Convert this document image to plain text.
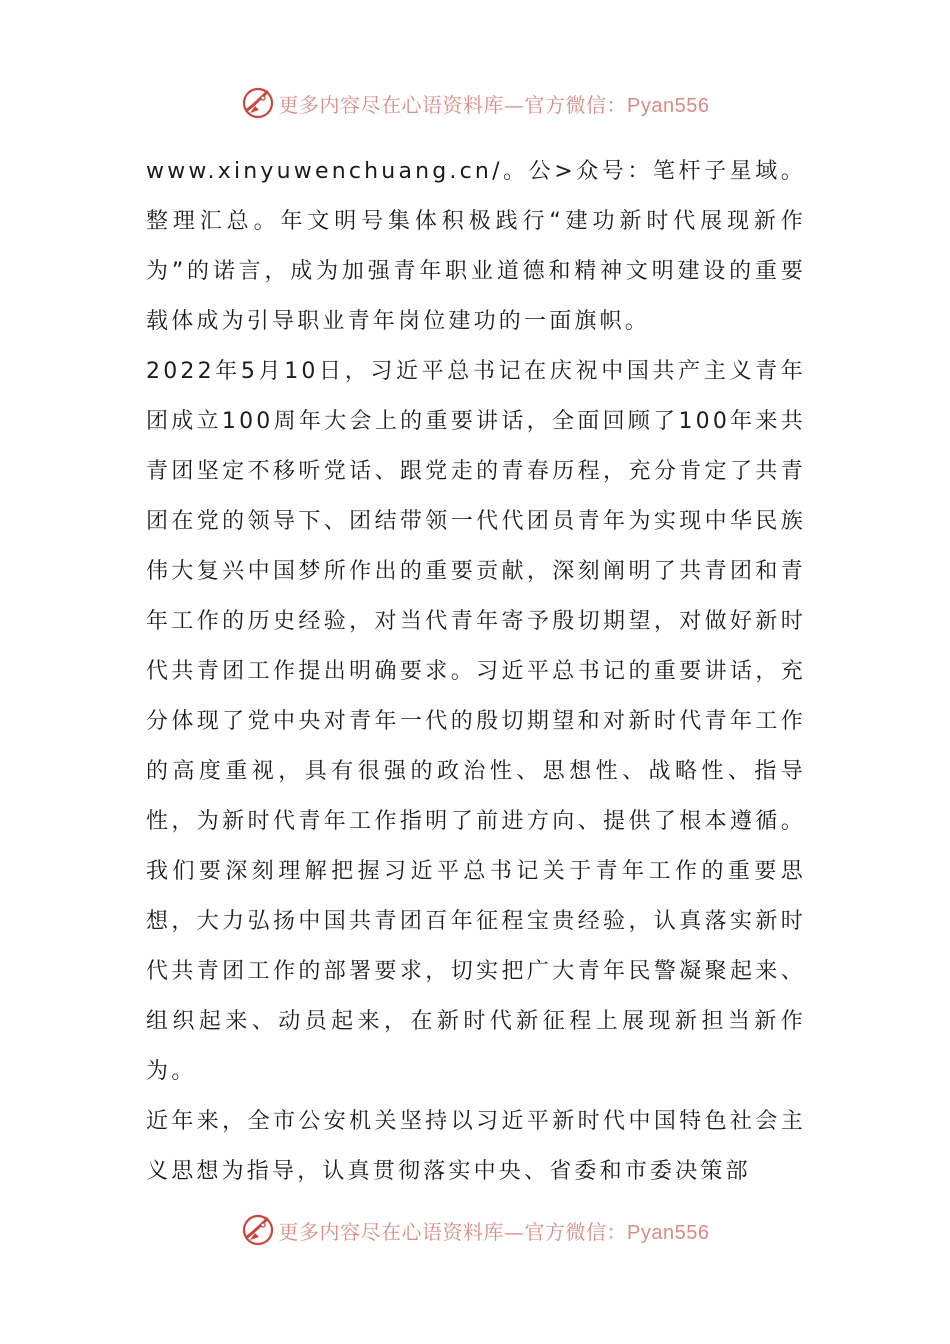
更多内容尽在心语资料库—官方微信：Pyan556

www.xinyuwenchuang.cn/。公>众号：笔杆子星域。整理汇总。年文明号集体积极践行“建功新时代展现新作为”的诺言，成为加强青年职业道德和精神文明建设的重要载体成为引导职业青年岗位建功的一面旗帜。

2022年5月10日，习近平总书记在庆祝中国共产主义青年团成立100周年大会上的重要讲话，全面回顾了100年来共青团坚定不移听党话、跟党走的青春历程，充分肯定了共青团在党的领导下、团结带领一代代团员青年为实现中华民族伟大复兴中国梦所作出的重要贡献，深刻阐明了共青团和青年工作的历史经验，对当代青年寄予殷切期望，对做好新时代共青团工作提出明确要求。习近平总书记的重要讲话，充分体现了党中央对青年一代的殷切期望和对新时代青年工作的高度重视，具有很强的政治性、思想性、战略性、指导性，为新时代青年工作指明了前进方向、提供了根本遵循。我们要深刻理解把握习近平总书记关于青年工作的重要思想，大力弘扬中国共青团百年征程宝贵经验，认真落实新时代共青团工作的部署要求，切实把广大青年民警凝聚起来、组织起来、动员起来，在新时代新征程上展现新担当新作为。

近年来，全市公安机关坚持以习近平新时代中国特色社会主义思想为指导，认真贯彻落实中央、省委和市委决策部

更多内容尽在心语资料库—官方微信：Pyan556
